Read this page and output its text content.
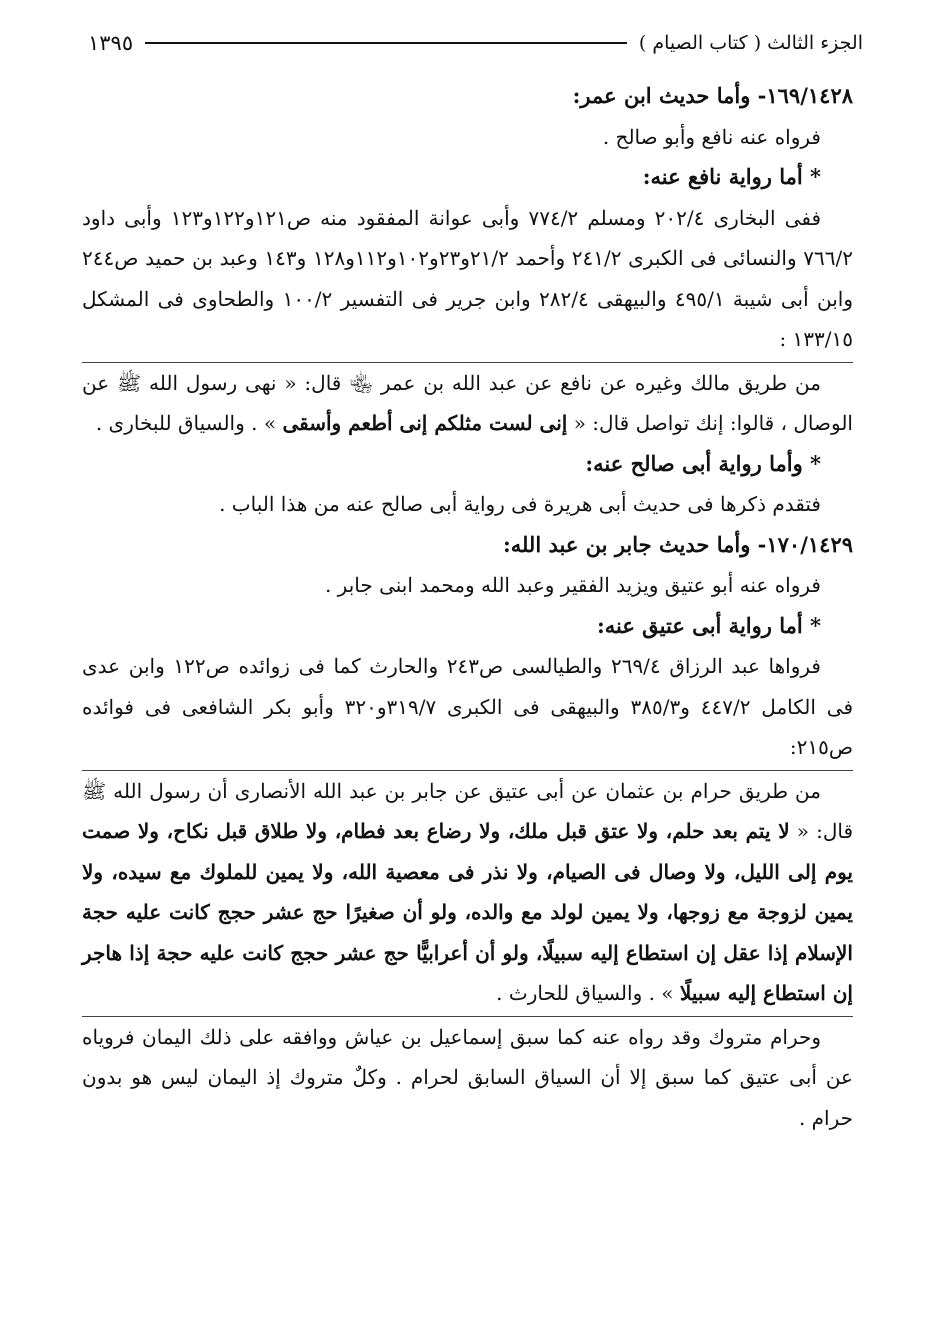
الجزء الثالث ( كتاب الصيام )
١٣٩٥

١٦٩/١٤٢٨- وأما حديث ابن عمر:

فرواه عنه نافع وأبو صالح .

* أما رواية نافع عنه:

ففى البخارى ٢٠٢/٤ ومسلم ٧٧٤/٢ وأبى عوانة المفقود منه ص١٢١و١٢٢و١٢٣ وأبى داود ٧٦٦/٢ والنسائى فى الكبرى ٢٤١/٢ وأحمد ٢١/٢و٢٣و١٠٢و١١٢و١٢٨ و١٤٣ وعبد بن حميد ص٢٤٤ وابن أبى شيبة ٤٩٥/١ والبيهقى ٢٨٢/٤ وابن جرير فى التفسير ١٠٠/٢ والطحاوى فى المشكل ١٣٣/١٥ :

من طريق مالك وغيره عن نافع عن عبد الله بن عمر ﵄ قال: « نهى رسول الله ﷺ عن الوصال ، قالوا: إنك تواصل قال: « إنى لست مثلكم إنى أطعم وأسقى » . والسياق للبخارى .

* وأما رواية أبى صالح عنه:

فتقدم ذكرها فى حديث أبى هريرة فى رواية أبى صالح عنه من هذا الباب .

١٧٠/١٤٢٩- وأما حديث جابر بن عبد الله:

فرواه عنه أبو عتيق ويزيد الفقير وعبد الله ومحمد ابنى جابر .

* أما رواية أبى عتيق عنه:

فرواها عبد الرزاق ٢٦٩/٤ والطيالسى ص٢٤٣ والحارث كما فى زوائده ص١٢٢ وابن عدى فى الكامل ٤٤٧/٢ و٣٨٥/٣ والبيهقى فى الكبرى ٣١٩/٧و٣٢٠ وأبو بكر الشافعى فى فوائده ص٢١٥:

من طريق حرام بن عثمان عن أبى عتيق عن جابر بن عبد الله الأنصارى أن رسول الله ﷺ قال: « لا يتم بعد حلم، ولا عتق قبل ملك، ولا رضاع بعد فطام، ولا طلاق قبل نكاح، ولا صمت يوم إلى الليل، ولا وصال فى الصيام، ولا نذر فى معصية الله، ولا يمين للملوك مع سيده، ولا يمين لزوجة مع زوجها، ولا يمين لولد مع والده، ولو أن صغيرًا حج عشر حجج كانت عليه حجة الإسلام إذا عقل إن استطاع إليه سبيلًا، ولو أن أعرابيًّا حج عشر حجج كانت عليه حجة إذا هاجر إن استطاع إليه سبيلًا » . والسياق للحارث .

وحرام متروك وقد رواه عنه كما سبق إسماعيل بن عياش ووافقه على ذلك اليمان فروياه عن أبى عتيق كما سبق إلا أن السياق السابق لحرام . وكلٌ متروك إذ اليمان ليس هو بدون حرام .
